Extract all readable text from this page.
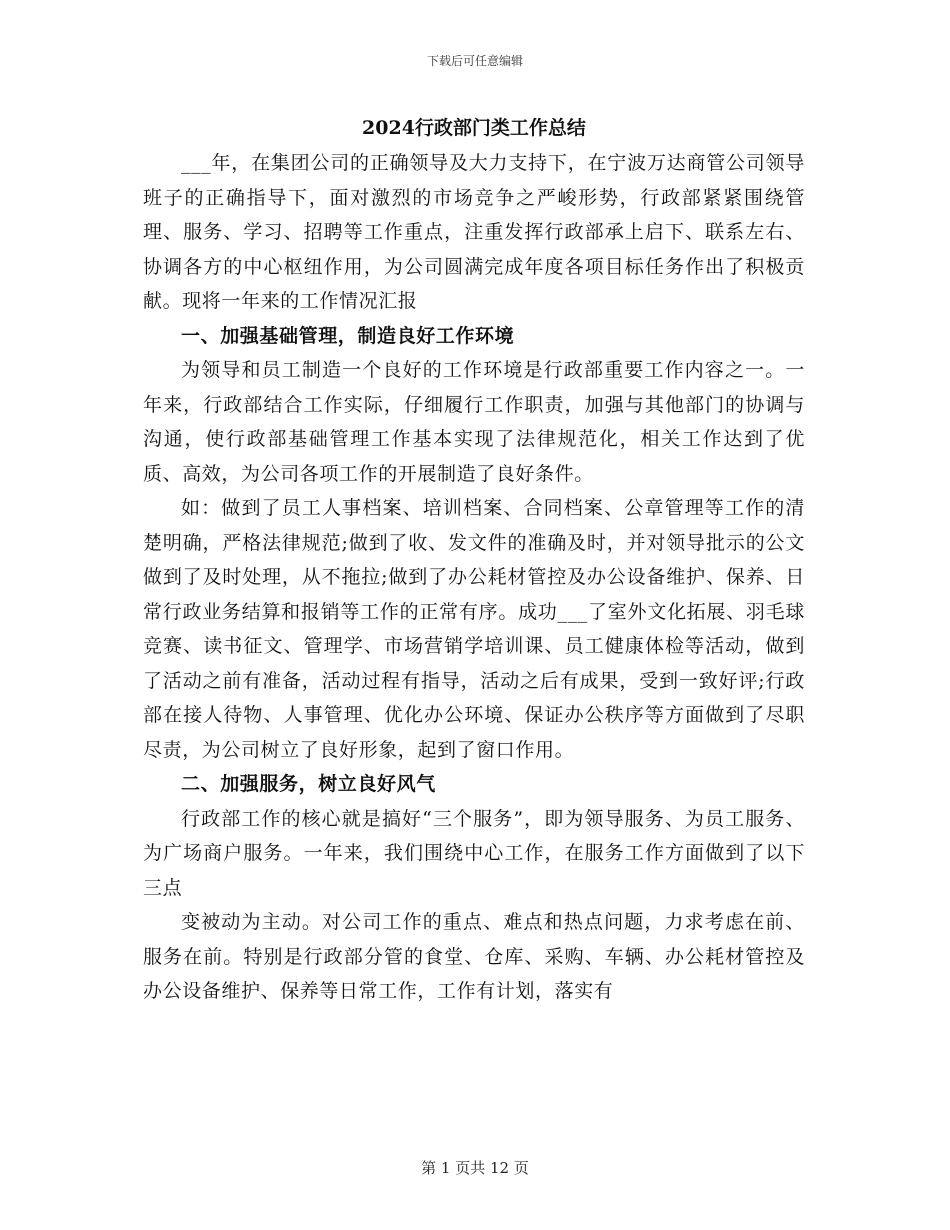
下载后可任意编辑
2024行政部门类工作总结

___年，在集团公司的正确领导及大力支持下，在宁波万达商管公司领导班子的正确指导下，面对激烈的市场竞争之严峻形势，行政部紧紧围绕管理、服务、学习、招聘等工作重点，注重发挥行政部承上启下、联系左右、协调各方的中心枢纽作用，为公司圆满完成年度各项目标任务作出了积极贡献。现将一年来的工作情况汇报

一、加强基础管理，制造良好工作环境

为领导和员工制造一个良好的工作环境是行政部重要工作内容之一。一年来，行政部结合工作实际，仔细履行工作职责，加强与其他部门的协调与沟通，使行政部基础管理工作基本实现了法律规范化，相关工作达到了优质、高效，为公司各项工作的开展制造了良好条件。

如：做到了员工人事档案、培训档案、合同档案、公章管理等工作的清楚明确，严格法律规范;做到了收、发文件的准确及时，并对领导批示的公文做到了及时处理，从不拖拉;做到了办公耗材管控及办公设备维护、保养、日常行政业务结算和报销等工作的正常有序。成功___了室外文化拓展、羽毛球竞赛、读书征文、管理学、市场营销学培训课、员工健康体检等活动，做到了活动之前有准备，活动过程有指导，活动之后有成果，受到一致好评;行政部在接人待物、人事管理、优化办公环境、保证办公秩序等方面做到了尽职尽责，为公司树立了良好形象，起到了窗口作用。

二、加强服务，树立良好风气

行政部工作的核心就是搞好“三个服务”，即为领导服务、为员工服务、为广场商户服务。一年来，我们围绕中心工作，在服务工作方面做到了以下三点

变被动为主动。对公司工作的重点、难点和热点问题，力求考虑在前、服务在前。特别是行政部分管的食堂、仓库、采购、车辆、办公耗材管控及办公设备维护、保养等日常工作，工作有计划，落实有

第 1 页共 12 页
